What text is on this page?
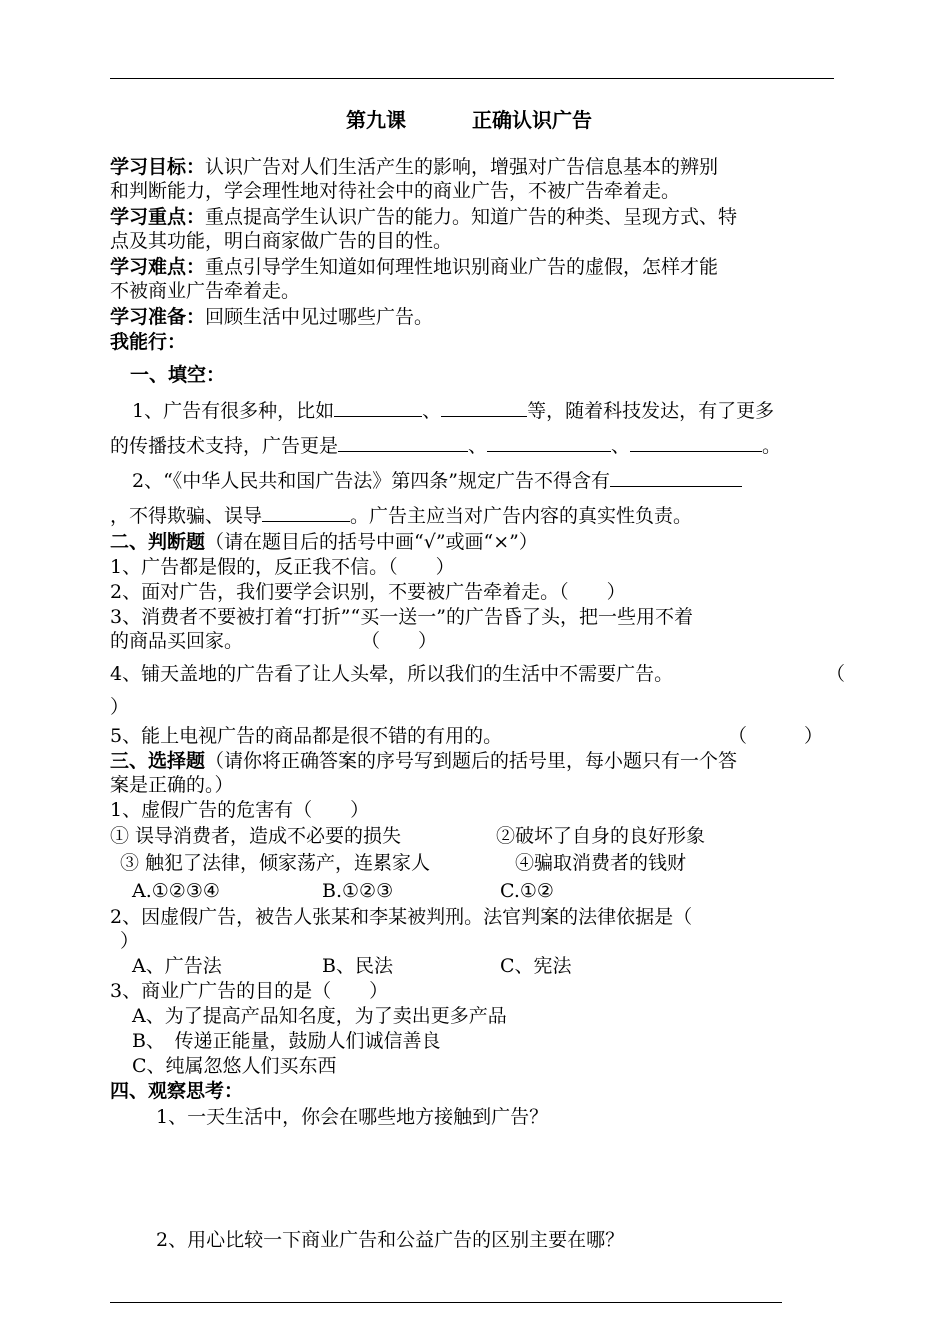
第九课	正确认识广告
学习目标：认识广告对人们生活产生的影响，增强对广告信息基本的辨别
和判断能力，学会理性地对待社会中的商业广告，不被广告牵着走。
学习重点：重点提高学生认识广告的能力。知道广告的种类、呈现方式、特
点及其功能，明白商家做广告的目的性。
学习难点：重点引导学生知道如何理性地识别商业广告的虚假，怎样才能
不被商业广告牵着走。
学习准备：回顾生活中见过哪些广告。
我能行：
一、填空：
1、广告有很多种，比如	、	等，随着科技发达，有了更多
的传播技术支持，广告更是	、	、	。
2、“《中华人民共和国广告法》第四条”规定广告不得含有
，不得欺骗、误导	。广告主应当对广告内容的真实性负责。
二、判断题（请在题目后的括号中画“√”或画“×”）
1、广告都是假的，反正我不信。（　　）
2、面对广告，我们要学会识别，不要被广告牵着走。（　　）
3、消费者不要被打着“打折”“买一送一”的广告昏了头，把一些用不着
的商品买回家。	（　　）
4、铺天盖地的广告看了让人头晕，所以我们的生活中不需要广告。	（
）
5、能上电视广告的商品都是很不错的有用的。	（　　　）
三、选择题（请你将正确答案的序号写到题后的括号里，每小题只有一个答
案是正确的。）
1、虚假广告的危害有（　　）
① 误导消费者，造成不必要的损失	②破坏了自身的良好形象
③ 触犯了法律，倾家荡产，连累家人	④骗取消费者的钱财
A.①②③④	B.①②③	C.①②
2、因虚假广告，被告人张某和李某被判刑。法官判案的法律依据是（
）
A、广告法	B、民法	C、宪法
3、商业广广告的目的是（　　）
A、为了提高产品知名度，为了卖出更多产品
B、　传递正能量，鼓励人们诚信善良
C、纯属忽悠人们买东西
四、观察思考：
1、一天生活中，你会在哪些地方接触到广告？
2、用心比较一下商业广告和公益广告的区别主要在哪？
